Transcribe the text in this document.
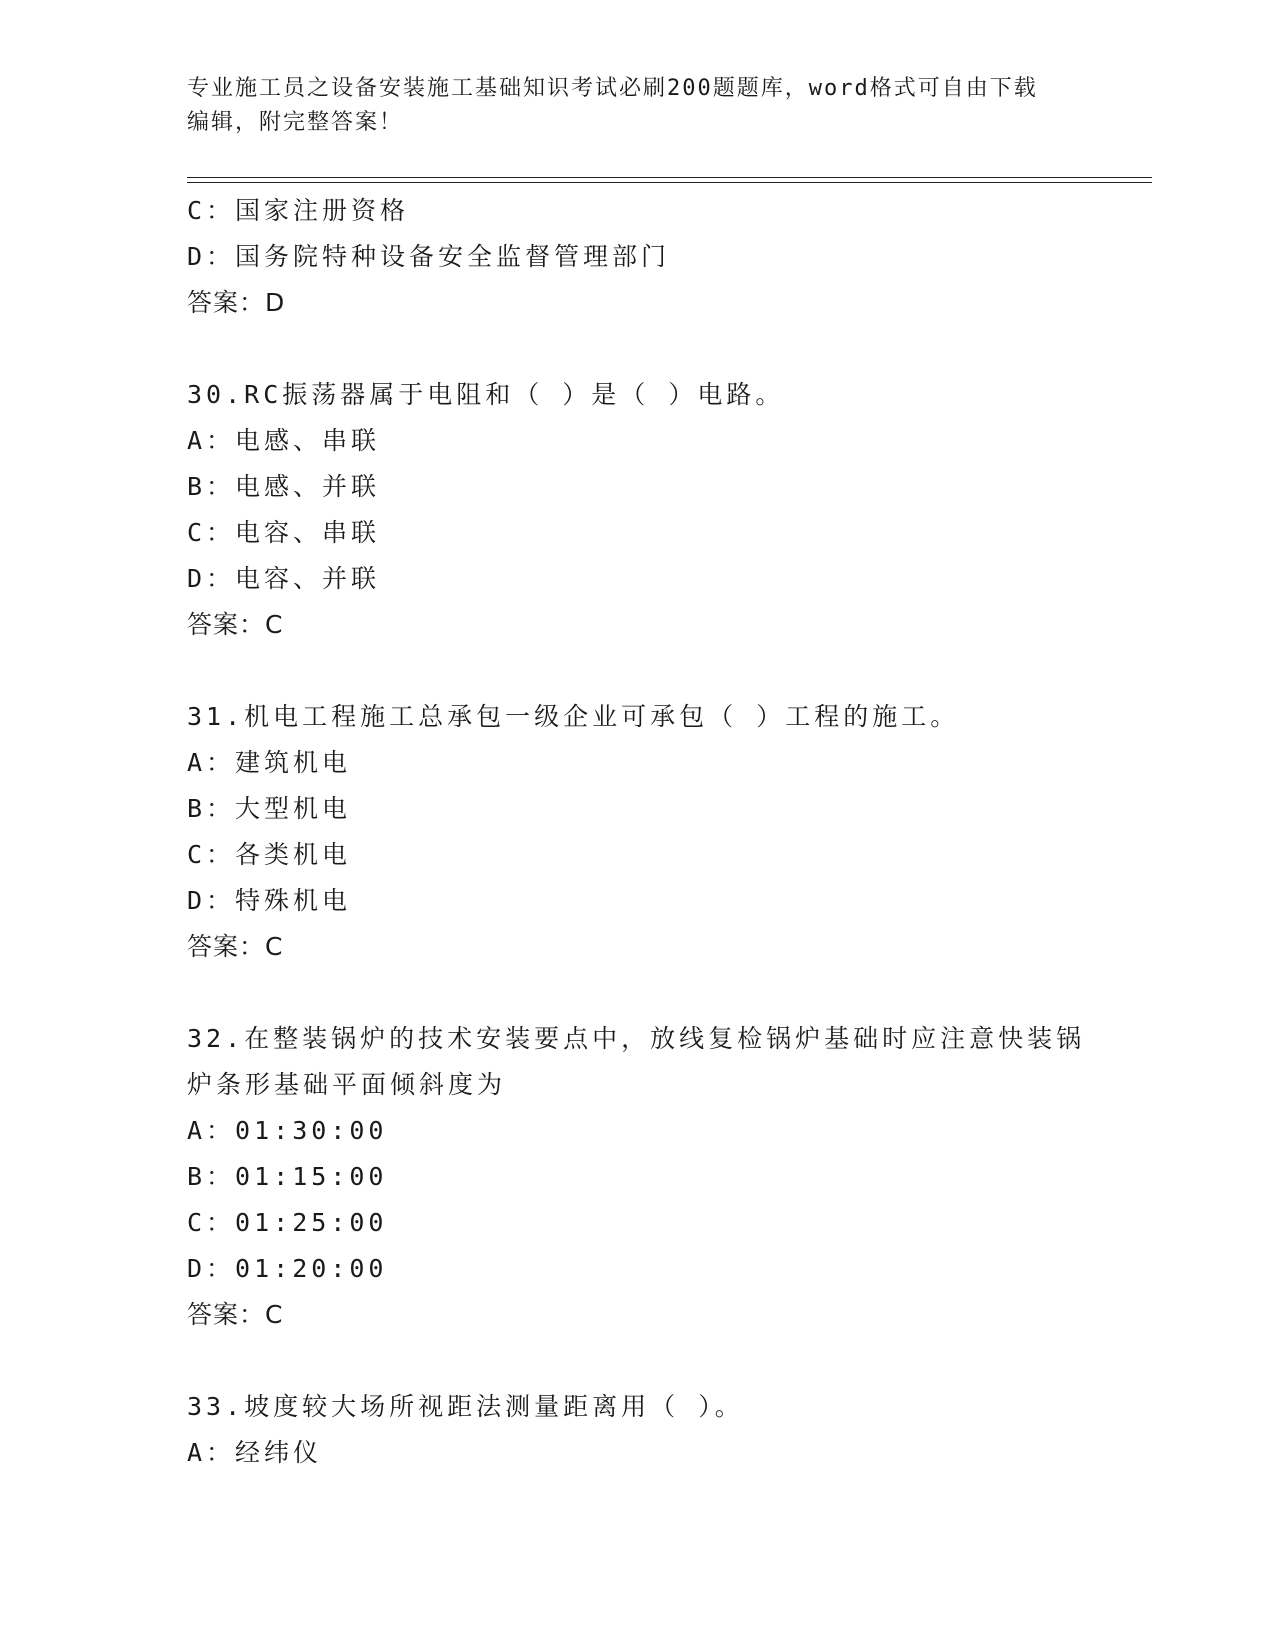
专业施工员之设备安装施工基础知识考试必刷200题题库，word格式可自由下载
编辑，附完整答案！
C：国家注册资格
D：国务院特种设备安全监督管理部门
答案：D
30.RC振荡器属于电阻和（ ）是（ ）电路。
A：电感、串联
B：电感、并联
C：电容、串联
D：电容、并联
答案：C
31.机电工程施工总承包一级企业可承包（ ）工程的施工。
A：建筑机电
B：大型机电
C：各类机电
D：特殊机电
答案：C
32.在整装锅炉的技术安装要点中，放线复检锅炉基础时应注意快装锅
炉条形基础平面倾斜度为
A：01:30:00
B：01:15:00
C：01:25:00
D：01:20:00
答案：C
33.坡度较大场所视距法测量距离用（ ）。
A：经纬仪
